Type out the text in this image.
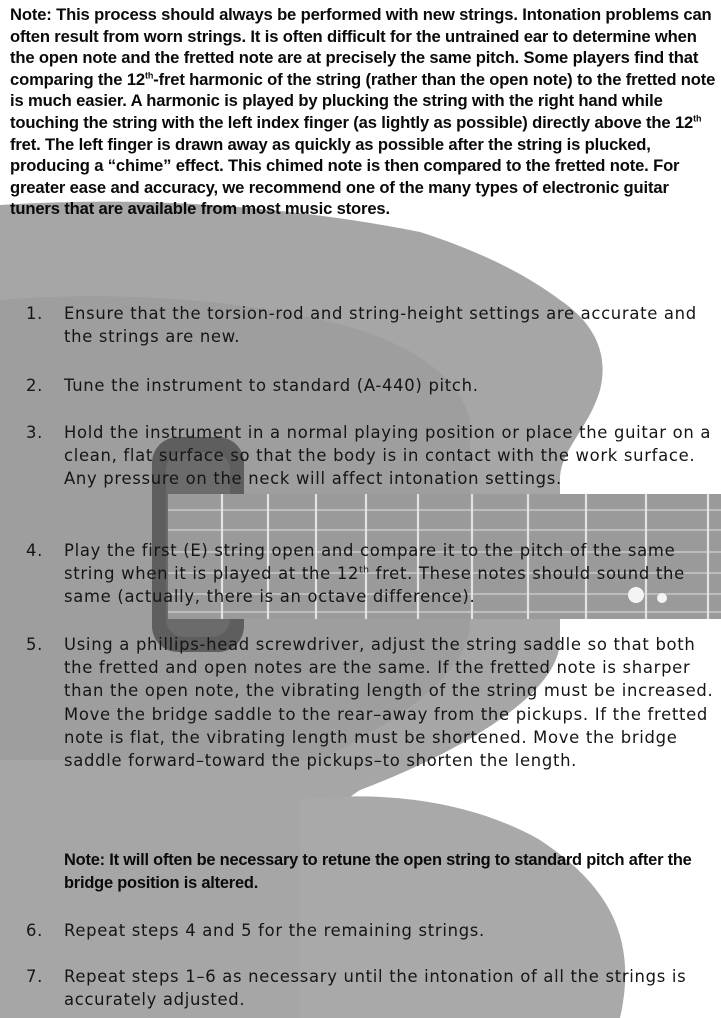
Note: This process should always be performed with new strings. Intonation problems can often result from worn strings. It is often difficult for the untrained ear to determine when the open note and the fretted note are at precisely the same pitch. Some players find that comparing the 12th-fret harmonic of the string (rather than the open note) to the fretted note is much easier. A harmonic is played by plucking the string with the right hand while touching the string with the left index finger (as lightly as possible) directly above the 12th fret. The left finger is drawn away as quickly as possible after the string is plucked, producing a “chime” effect. This chimed note is then compared to the fretted note. For greater ease and accuracy, we recommend one of the many types of electronic guitar tuners that are available from most music stores.

1. Ensure that the torsion-rod and string-height settings are accurate and the strings are new.

2. Tune the instrument to standard (A-440) pitch.

3. Hold the instrument in a normal playing position or place the guitar on a clean, flat surface so that the body is in contact with the work surface. Any pressure on the neck will affect intonation settings.

4. Play the first (E) string open and compare it to the pitch of the same string when it is played at the 12th fret. These notes should sound the same (actually, there is an octave difference).

5. Using a phillips-head screwdriver, adjust the string saddle so that both the fretted and open notes are the same. If the fretted note is sharper than the open note, the vibrating length of the string must be increased. Move the bridge saddle to the rear–away from the pickups. If the fretted note is flat, the vibrating length must be shortened. Move the bridge saddle forward–toward the pickups–to shorten the length.

Note: It will often be necessary to retune the open string to standard pitch after the bridge position is altered.

6. Repeat steps 4 and 5 for the remaining strings.

7. Repeat steps 1–6 as necessary until the intonation of all the strings is accurately adjusted.
